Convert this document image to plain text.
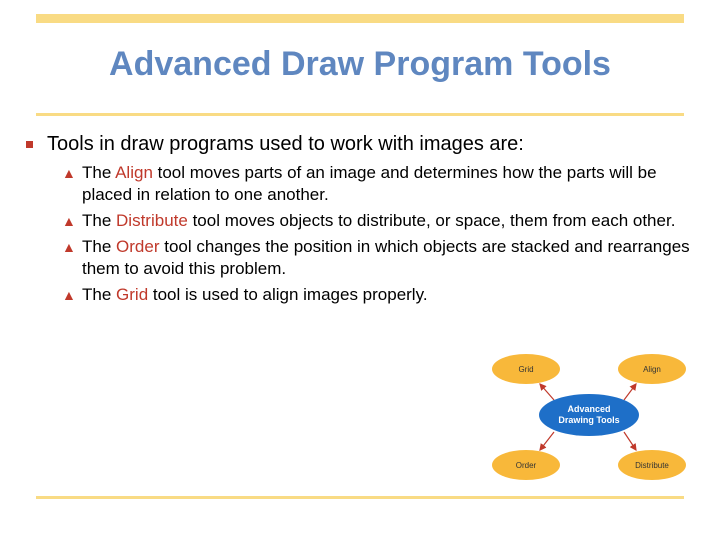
Advanced Draw Program Tools
Tools in draw programs used to work with images are:
▲ The Align tool moves parts of an image and determines how the parts will be placed in relation to one another.
▲ The Distribute tool moves objects to distribute, or space, them from each other.
▲ The Order tool changes the position in which objects are stacked and rearranges them to avoid this problem.
▲ The Grid tool is used to align images properly.
Grid	Align
Order	Distribute
Advanced
Drawing Tools
